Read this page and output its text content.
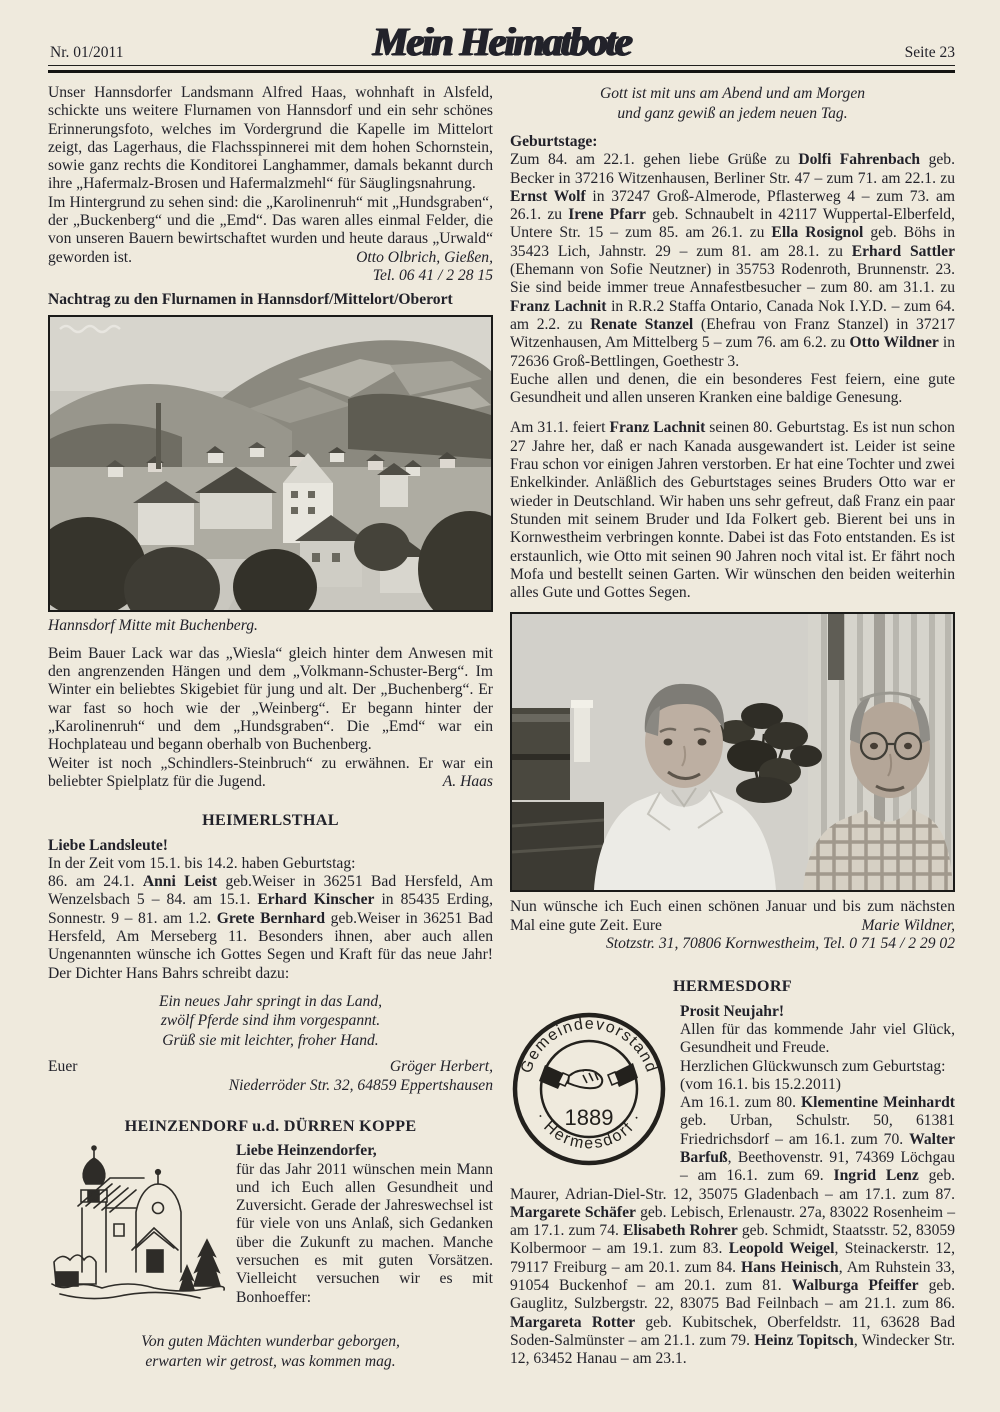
Nr. 01/2011	Mein Heimatbote	Seite 23

Unser Hannsdorfer Landsmann Alfred Haas, wohnhaft in Alsfeld, schickte uns weitere Flurnamen von Hannsdorf und ein sehr schönes Erinnerungsfoto, welches im Vordergrund die Kapelle im Mittelort zeigt, das Lagerhaus, die Flachsspinnerei mit dem hohen Schornstein, sowie ganz rechts die Konditorei Langhammer, damals bekannt durch ihre „Hafermalz-Brosen und Hafermalzmehl“ für Säuglingsnahrung.

Im Hintergrund zu sehen sind: die „Karolinenruh“ mit „Hundsgraben“, der „Buckenberg“ und die „Emd“. Das waren alles einmal Felder, die von unseren Bauern bewirtschaftet wurden und heute daraus „Urwald“ geworden ist.	Otto Olbrich, Gießen,
Tel. 06 41 / 2 28 15

Nachtrag zu den Flurnamen in Hannsdorf/Mittelort/Oberort

Hannsdorf Mitte mit Buchenberg.

Beim Bauer Lack war das „Wiesla“ gleich hinter dem Anwesen mit den angrenzenden Hängen und dem „Volkmann-Schuster-Berg“. Im Winter ein beliebtes Skigebiet für jung und alt. Der „Buchenberg“. Er war fast so hoch wie der „Weinberg“. Er begann hinter der „Karolinenruh“ und dem „Hundsgraben“. Die „Emd“ war ein Hochplateau und begann oberhalb von Buchenberg.

Weiter ist noch „Schindlers-Steinbruch“ zu erwähnen. Er war ein beliebter Spielplatz für die Jugend.	A. Haas
HEIMERLSTHAL

Liebe Landsleute!

In der Zeit vom 15.1. bis 14.2. haben Geburtstag:

86. am 24.1. Anni Leist geb.Weiser in 36251 Bad Hersfeld, Am Wenzelsbach 5 – 84. am 15.1. Erhard Kinscher in 85435 Erding, Sonnestr. 9 – 81. am 1.2. Grete Bernhard geb.Weiser in 36251 Bad Hersfeld, Am Merseberg 11. Besonders ihnen, aber auch allen Ungenannten wünsche ich Gottes Segen und Kraft für das neue Jahr! Der Dichter Hans Bahrs schreibt dazu:

Ein neues Jahr springt in das Land,
zwölf Pferde sind ihm vorgespannt.
Grüß sie mit leichter, froher Hand.
Euer	Gröger Herbert,
Niederröder Str. 32, 64859 Eppertshausen
HEINZENDORF u.d. DÜRREN KOPPE

Liebe Heinzendorfer,

für das Jahr 2011 wünschen mein Mann und ich Euch allen Gesundheit und Zuversicht. Gerade der Jahreswechsel ist für viele von uns Anlaß, sich Gedanken über die Zukunft zu machen. Manche versuchen es mit guten Vorsätzen. Vielleicht versuchen wir es mit Bonhoeffer:

Von guten Mächten wunderbar geborgen,
erwarten wir getrost, was kommen mag.
Gott ist mit uns am Abend und am Morgen
und ganz gewiß an jedem neuen Tag.

Geburtstage:

Zum 84. am 22.1. gehen liebe Grüße zu Dolfi Fahrenbach geb. Becker in 37216 Witzenhausen, Berliner Str. 47 – zum 71. am 22.1. zu Ernst Wolf in 37247 Groß-Almerode, Pflasterweg 4 – zum 73. am 26.1. zu Irene Pfarr geb. Schnaubelt in 42117 Wuppertal-Elberfeld, Untere Str. 15 – zum 85. am 26.1. zu Ella Rosignol geb. Böhs in 35423 Lich, Jahnstr. 29 – zum 81. am 28.1. zu Erhard Sattler (Ehemann von Sofie Neutzner) in 35753 Rodenroth, Brunnenstr. 23. Sie sind beide immer treue Annafestbesucher – zum 80. am 31.1. zu Franz Lachnit in R.R.2 Staffa Ontario, Canada Nok I.Y.D. – zum 64. am 2.2. zu Renate Stanzel (Ehefrau von Franz Stanzel) in 37217 Witzenhausen, Am Mittelberg 5 – zum 76. am 6.2. zu Otto Wildner in 72636 Groß-Bettlingen, Goethestr 3.

Euche allen und denen, die ein besonderes Fest feiern, eine gute Gesundheit und allen unseren Kranken eine baldige Genesung.

Am 31.1. feiert Franz Lachnit seinen 80. Geburtstag. Es ist nun schon 27 Jahre her, daß er nach Kanada ausgewandert ist. Leider ist seine Frau schon vor einigen Jahren verstorben. Er hat eine Tochter und zwei Enkelkinder. Anläßlich des Geburtstages seines Bruders Otto war er wieder in Deutschland. Wir haben uns sehr gefreut, daß Franz ein paar Stunden mit seinem Bruder und Ida Folkert geb. Bierent bei uns in Kornwestheim verbringen konnte. Dabei ist das Foto entstanden. Es ist erstaunlich, wie Otto mit seinen 90 Jahren noch vital ist. Er fährt noch Mofa und bestellt seinen Garten. Wir wünschen den beiden weiterhin alles Gute und Gottes Segen.

Nun wünsche ich Euch einen schönen Januar und bis zum nächsten Mal eine gute Zeit. Eure	Marie Wildner,
Stotzstr. 31, 70806 Kornwestheim, Tel. 0 71 54 / 2 29 02
HERMESDORF
Gemeindevorstand
· Hermesdorf ·
1889

Prosit Neujahr!

Allen für das kommende Jahr viel Glück, Gesundheit und Freude.

Herzlichen Glückwunsch zum Geburtstag:

(vom 16.1. bis 15.2.2011)

Am 16.1. zum 80. Klementine Meinhardt geb. Urban, Schulstr. 50, 61381 Friedrichsdorf – am 16.1. zum 70. Walter Barfuß, Beethovenstr. 91, 74369 Löchgau – am 16.1. zum 69. Ingrid Lenz geb. Maurer, Adrian-Diel-Str. 12, 35075 Gladenbach – am 17.1. zum 87. Margarete Schäfer geb. Lebisch, Erlenaustr. 27a, 83022 Rosenheim – am 17.1. zum 74. Elisabeth Rohrer geb. Schmidt, Staatsstr. 52, 83059 Kolbermoor – am 19.1. zum 83. Leopold Weigel, Steinackerstr. 12, 79117 Freiburg – am 20.1. zum 84. Hans Heinisch, Am Ruhstein 33, 91054 Buckenhof – am 20.1. zum 81. Walburga Pfeiffer geb. Gauglitz, Sulzbergstr. 22, 83075 Bad Feilnbach – am 21.1. zum 86. Margareta Rotter geb. Kubitschek, Oberfeldstr. 11, 63628 Bad Soden-Salmünster – am 21.1. zum 79. Heinz Topitsch, Windecker Str. 12, 63452 Hanau – am 23.1.
